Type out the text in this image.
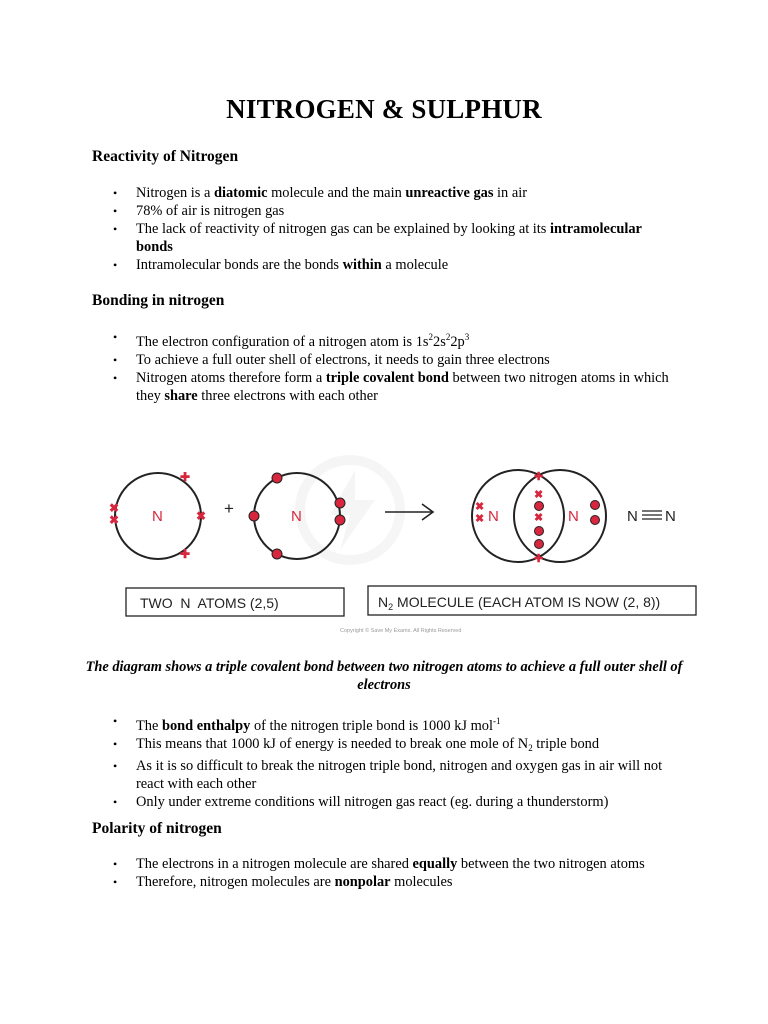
NITROGEN & SULPHUR
Reactivity of Nitrogen
• Nitrogen is a diatomic molecule and the main unreactive gas in air
• 78% of air is nitrogen gas
• The lack of reactivity of nitrogen gas can be explained by looking at its intramolecular bonds
• Intramolecular bonds are the bonds within a molecule
Bonding in nitrogen
• The electron configuration of a nitrogen atom is $1s^22s^22p^3$
• To achieve a full outer shell of electrons, it needs to gain three electrons
• Nitrogen atoms therefore form a triple covalent bond between two nitrogen atoms in which they share three electrons with each other
N
✚
✚
✖
✖	✖ +	N	N	N
✚
✖
✖
✚
✖
✖	N N
TWO  N  ATOMS (2,5)	$N_2$ MOLECULE (EACH ATOM IS NOW (2, 8))
Copyright © Save My Exams. All Rights Reserved

The diagram shows a triple covalent bond between two nitrogen atoms to achieve a full outer shell of electrons

• The bond enthalpy of the nitrogen triple bond is 1000 kJ mol$^{-1}$
• This means that 1000 kJ of energy is needed to break one mole of $N_2$ triple bond
• As it is so difficult to break the nitrogen triple bond, nitrogen and oxygen gas in air will not react with each other
• Only under extreme conditions will nitrogen gas react (eg. during a thunderstorm)
Polarity of nitrogen
• The electrons in a nitrogen molecule are shared equally between the two nitrogen atoms
• Therefore, nitrogen molecules are nonpolar molecules
